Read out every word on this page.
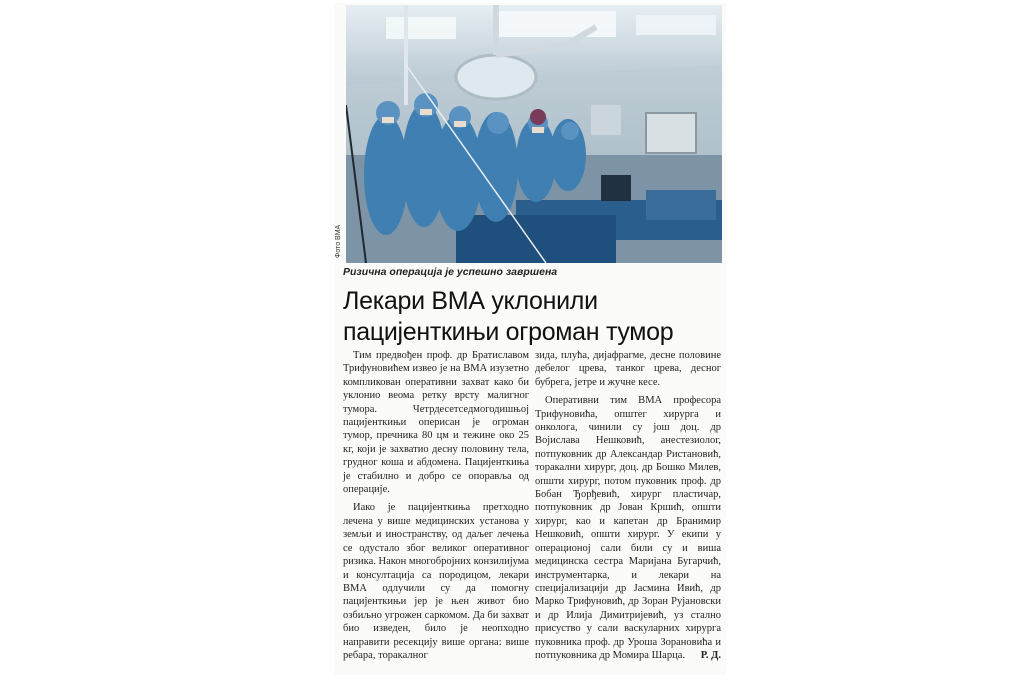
Фото ВМА
Ризична операција је успешно завршена
Лекари ВМА уклонили
пацијенткињи огроман тумор

Тим предвођен проф. др Братиславом Трифуновићем извео је на ВМА изузетно компликован оперативни захват како би уклонио веома ретку врсту малигног тумора. Четрдесетседмогодишњој пацијенткињи оперисан је огроман тумор, пречника 80 цм и тежине око 25 кг, који је захватио десну половину тела, грудног коша и абдомена. Пацијенткиња је стабилно и добро се опоравља од операције.

Иако је пацијенткиња претходно лечена у више медицинских установа у земљи и иностранству, од даљег лечења се одустало због великог оперативног ризика. Након многобројних конзилијума и консултација са породицом, лекари ВМА одлучили су да помогну пацијенткињи јер је њен живот био озбиљно угрожен саркомом. Да би захват био изведен, било је неопходно направити ресекцију више органа: више ребара, торакалног

зида, плућа, дијафрагме, десне половине дебелог црева, танког црева, десног бубрега, јетре и жучне кесе.

Оперативни тим ВМА професора Трифуновића, општег хирурга и онколога, чинили су још доц. др Војислава Нешковић, анестезиолог, потпуковник др Александар Ристановић, торакални хирург, доц. др Бошко Милев, општи хирург, потом пуковник проф. др Бобан Ђорђевић, хирург пластичар, потпуковник др Јован Кршић, општи хирург, као и капетан др Бранимир Нешковић, општи хирург. У екипи у операционој сали били су и виша медицинска сестра Маријана Бугарчић, инструментарка, и лекари на специјализацији др Јасмина Ивић, др Марко Трифуновић, др Зоран Рујановски и др Илија Димитријевић, уз стално присуство у сали васкуларних хирурга пуковника проф. др Уроша Зорановића и потпуковника др Момира Шарца.	Р. Д.
